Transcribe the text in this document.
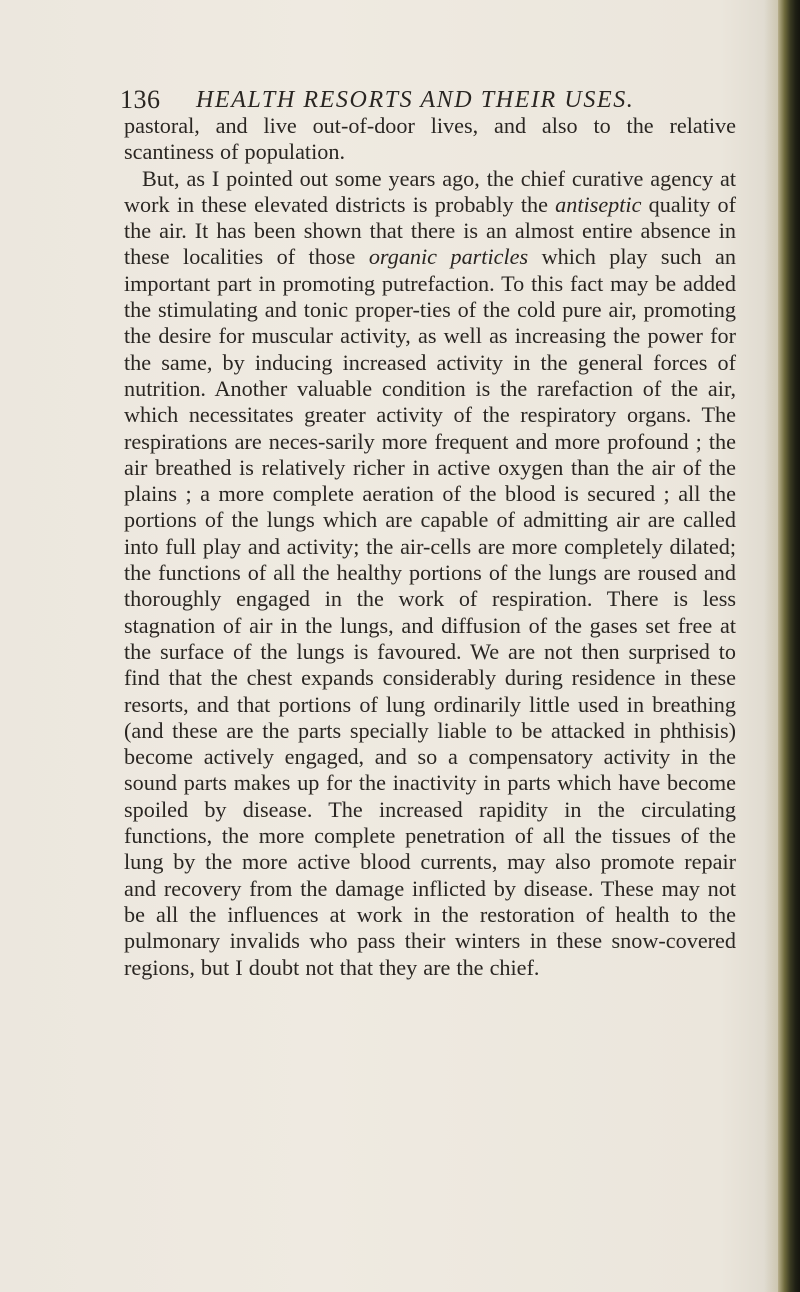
136 HEALTH RESORTS AND THEIR USES.

pastoral, and live out-of-door lives, and also to the relative scantiness of population.

But, as I pointed out some years ago, the chief curative agency at work in these elevated districts is probably the antiseptic quality of the air. It has been shown that there is an almost entire absence in these localities of those organic particles which play such an important part in promoting putrefaction. To this fact may be added the stimulating and tonic proper-ties of the cold pure air, promoting the desire for muscular activity, as well as increasing the power for the same, by inducing increased activity in the general forces of nutrition. Another valuable condition is the rarefaction of the air, which necessitates greater activity of the respiratory organs. The respirations are neces-sarily more frequent and more profound ; the air breathed is relatively richer in active oxygen than the air of the plains ; a more complete aeration of the blood is secured ; all the portions of the lungs which are capable of admitting air are called into full play and activity; the air-cells are more completely dilated; the functions of all the healthy portions of the lungs are roused and thoroughly engaged in the work of respiration. There is less stagnation of air in the lungs, and diffusion of the gases set free at the surface of the lungs is favoured. We are not then surprised to find that the chest expands considerably during residence in these resorts, and that portions of lung ordinarily little used in breathing (and these are the parts specially liable to be attacked in phthisis) become actively engaged, and so a compensatory activity in the sound parts makes up for the inactivity in parts which have become spoiled by disease. The increased rapidity in the circulating functions, the more complete penetration of all the tissues of the lung by the more active blood currents, may also promote repair and recovery from the damage inflicted by disease. These may not be all the influences at work in the restoration of health to the pulmonary invalids who pass their winters in these snow-covered regions, but I doubt not that they are the chief.
